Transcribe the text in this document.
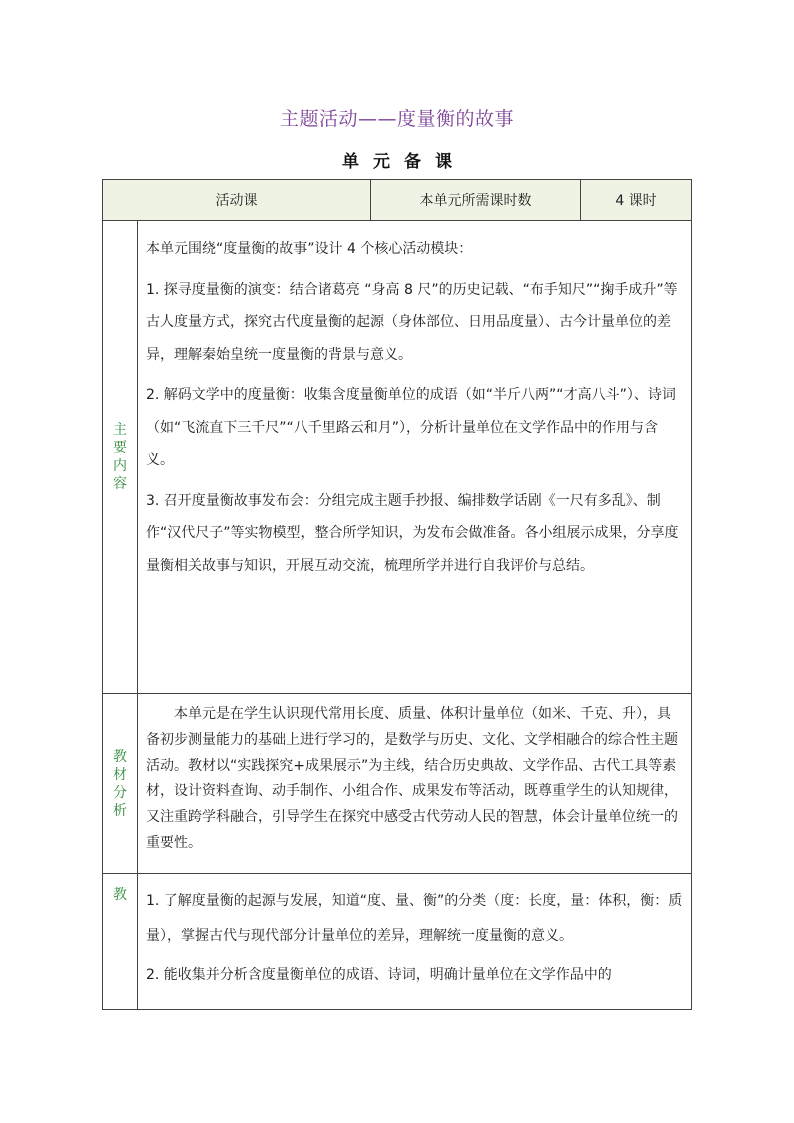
主题活动——度量衡的故事
单元备课
活动课		本单元所需课时数	4 课时
主要内容	本单元围绕“度量衡的故事”设计 4 个核心活动模块：

1. 探寻度量衡的演变：结合诸葛亮 “身高 8 尺”的历史记载、“布手知尺”“掬手成升”等古人度量方式，探究古代度量衡的起源（身体部位、日用品度量）、古今计量单位的差异，理解秦始皇统一度量衡的背景与意义。

2. 解码文学中的度量衡：收集含度量衡单位的成语（如“半斤八两”“才高八斗”）、诗词（如“飞流直下三千尺”“八千里路云和月”），分析计量单位在文学作品中的作用与含义。

3. 召开度量衡故事发布会：分组完成主题手抄报、编排数学话剧《一尺有多乱》、制作“汉代尺子”等实物模型，整合所学知识，为发布会做准备。各小组展示成果，分享度量衡相关故事与知识，开展互动交流，梳理所学并进行自我评价与总结。		

教材分析	本单元是在学生认识现代常用长度、质量、体积计量单位（如米、千克、升），具备初步测量能力的基础上进行学习的，是数学与历史、文化、文学相融合的综合性主题活动。教材以“实践探究+成果展示”为主线，结合历史典故、文学作品、古代工具等素材，设计资料查询、动手制作、小组合作、成果发布等活动，既尊重学生的认知规律，又注重跨学科融合，引导学生在探究中感受古代劳动人民的智慧，体会计量单位统一的重要性。		

教	1. 了解度量衡的起源与发展，知道“度、量、衡”的分类（度：长度，量：体积，衡：质量），掌握古代与现代部分计量单位的差异，理解统一度量衡的意义。

2. 能收集并分析含度量衡单位的成语、诗词，明确计量单位在文学作品中的		
